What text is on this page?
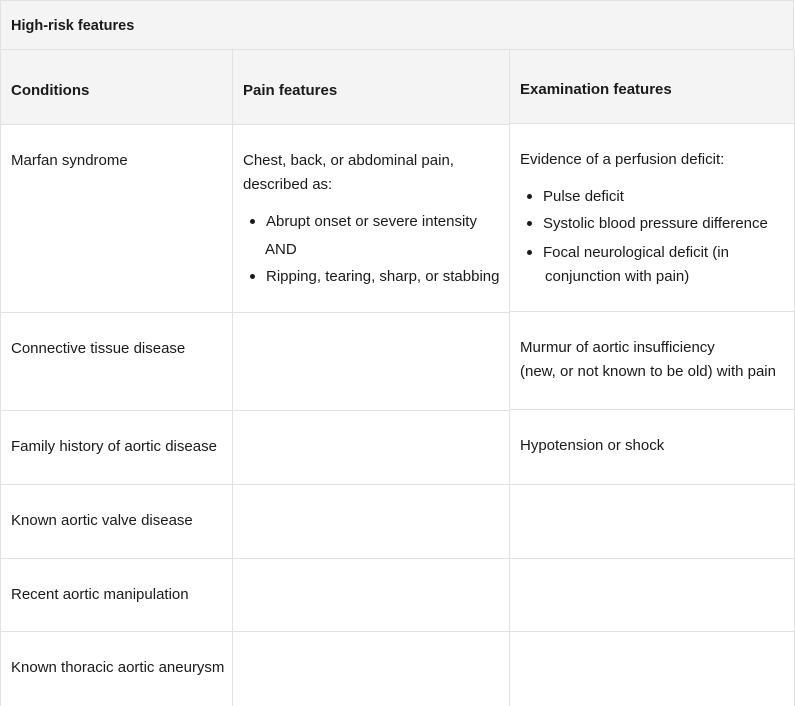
High-risk features
Conditions
Marfan syndrome
Connective tissue disease
Family history of aortic disease
Known aortic valve disease
Recent aortic manipulation
Known thoracic aortic aneurysm
Pain features
Chest, back, or abdominal pain,
described as:
Abrupt onset or severe intensity
AND
Ripping, tearing, sharp, or stabbing
Examination features
Evidence of a perfusion deficit:
Pulse deficit
Systolic blood pressure difference
Focal neurological deficit (in
conjunction with pain)
Murmur of aortic insufficiency
(new, or not known to be old) with pain
Hypotension or shock
